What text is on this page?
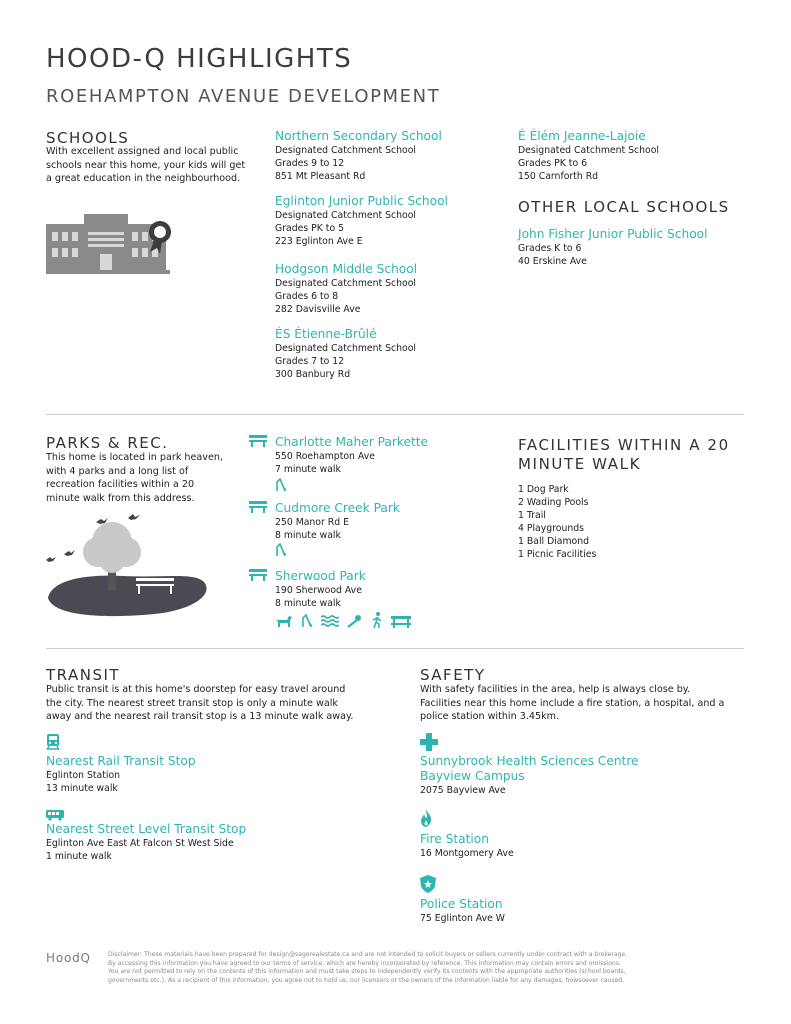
HOOD-Q HIGHLIGHTS
ROEHAMPTON AVENUE DEVELOPMENT
SCHOOLS
With excellent assigned and local public
schools near this home, your kids will get
a great education in the neighbourhood.
Northern Secondary School
Designated Catchment School
Grades 9 to 12
851 Mt Pleasant Rd
Eglinton Junior Public School
Designated Catchment School
Grades PK to 5
223 Eglinton Ave E
Hodgson Middle School
Designated Catchment School
Grades 6 to 8
282 Davisville Ave
ÉS Étienne-Brûlé
Designated Catchment School
Grades 7 to 12
300 Banbury Rd
É Élém Jeanne-Lajoie
Designated Catchment School
Grades PK to 6
150 Carnforth Rd
OTHER LOCAL SCHOOLS
John Fisher Junior Public School
Grades K to 6
40 Erskine Ave
PARKS & REC.
This home is located in park heaven,
with 4 parks and a long list of
recreation facilities within a 20
minute walk from this address.
Charlotte Maher Parkette
550 Roehampton Ave
7 minute walk
Cudmore Creek Park
250 Manor Rd E
8 minute walk
Sherwood Park
190 Sherwood Ave
8 minute walk
FACILITIES WITHIN A 20
MINUTE WALK
1 Dog Park
2 Wading Pools
1 Trail
4 Playgrounds
1 Ball Diamond
1 Picnic Facilities
TRANSIT
Public transit is at this home's doorstep for easy travel around
the city. The nearest street transit stop is only a minute walk
away and the nearest rail transit stop is a 13 minute walk away.
Nearest Rail Transit Stop
Eglinton Station
13 minute walk
Nearest Street Level Transit Stop
Eglinton Ave East At Falcon St West Side
1 minute walk
SAFETY
With safety facilities in the area, help is always close by.
Facilities near this home include a fire station, a hospital, and a
police station within 3.45km.
Sunnybrook Health Sciences Centre
Bayview Campus
2075 Bayview Ave
Fire Station
16 Montgomery Ave
Police Station
75 Eglinton Ave W
HoodQ	Disclaimer: These materials have been prepared for design@sagerealestate.ca and are not intended to solicit buyers or sellers currently under contract with a brokerage.
By accessing this information you have agreed to our terms of service, which are hereby incorporated by reference. This information may contain errors and omissions.
You are not permitted to rely on the contents of this information and must take steps to independently verify its contents with the appropriate authorities (school boards,
governments etc.). As a recipient of this information, you agree not to hold us, our licensors or the owners of the information liable for any damages, howsoever caused.
